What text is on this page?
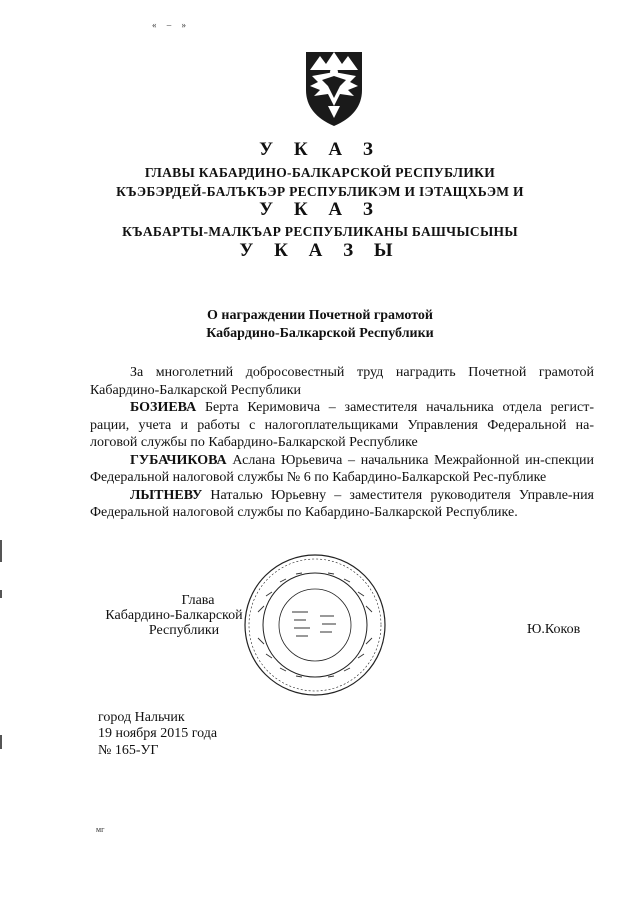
« – »
У К А З
ГЛАВЫ КАБАРДИНО-БАЛКАРСКОЙ РЕСПУБЛИКИ
КЪЭБЭРДЕЙ-БАЛЪКЪЭР РЕСПУБЛИКЭМ И ІЭТАЩХЬЭМ И
У К А З
КЪАБАРТЫ-МАЛКЪАР РЕСПУБЛИКАНЫ БАШЧЫСЫНЫ
У К А З Ы
О награждении Почетной грамотой
Кабардино-Балкарской Республики

За многолетний добросовестный труд наградить Почетной грамотой

Кабардино-Балкарской Республики

БОЗИЕВА Берта Керимовича – заместителя начальника отдела регист-рации, учета и работы с налогоплательщиками Управления Федеральной на-логовой службы по Кабардино-Балкарской Республике

ГУБАЧИКОВА Аслана Юрьевича – начальника Межрайонной ин-спекции Федеральной налоговой службы № 6 по Кабардино-Балкарской Рес-публике

ЛЫТНЕВУ Наталью Юрьевну – заместителя руководителя Управле-ния Федеральной налоговой службы по Кабардино-Балкарской Республике.

Глава
Кабардино-Балкарской
Республики	Ю.Коков
город Нальчик
19 ноября 2015 года
№ 165-УГ
мг
